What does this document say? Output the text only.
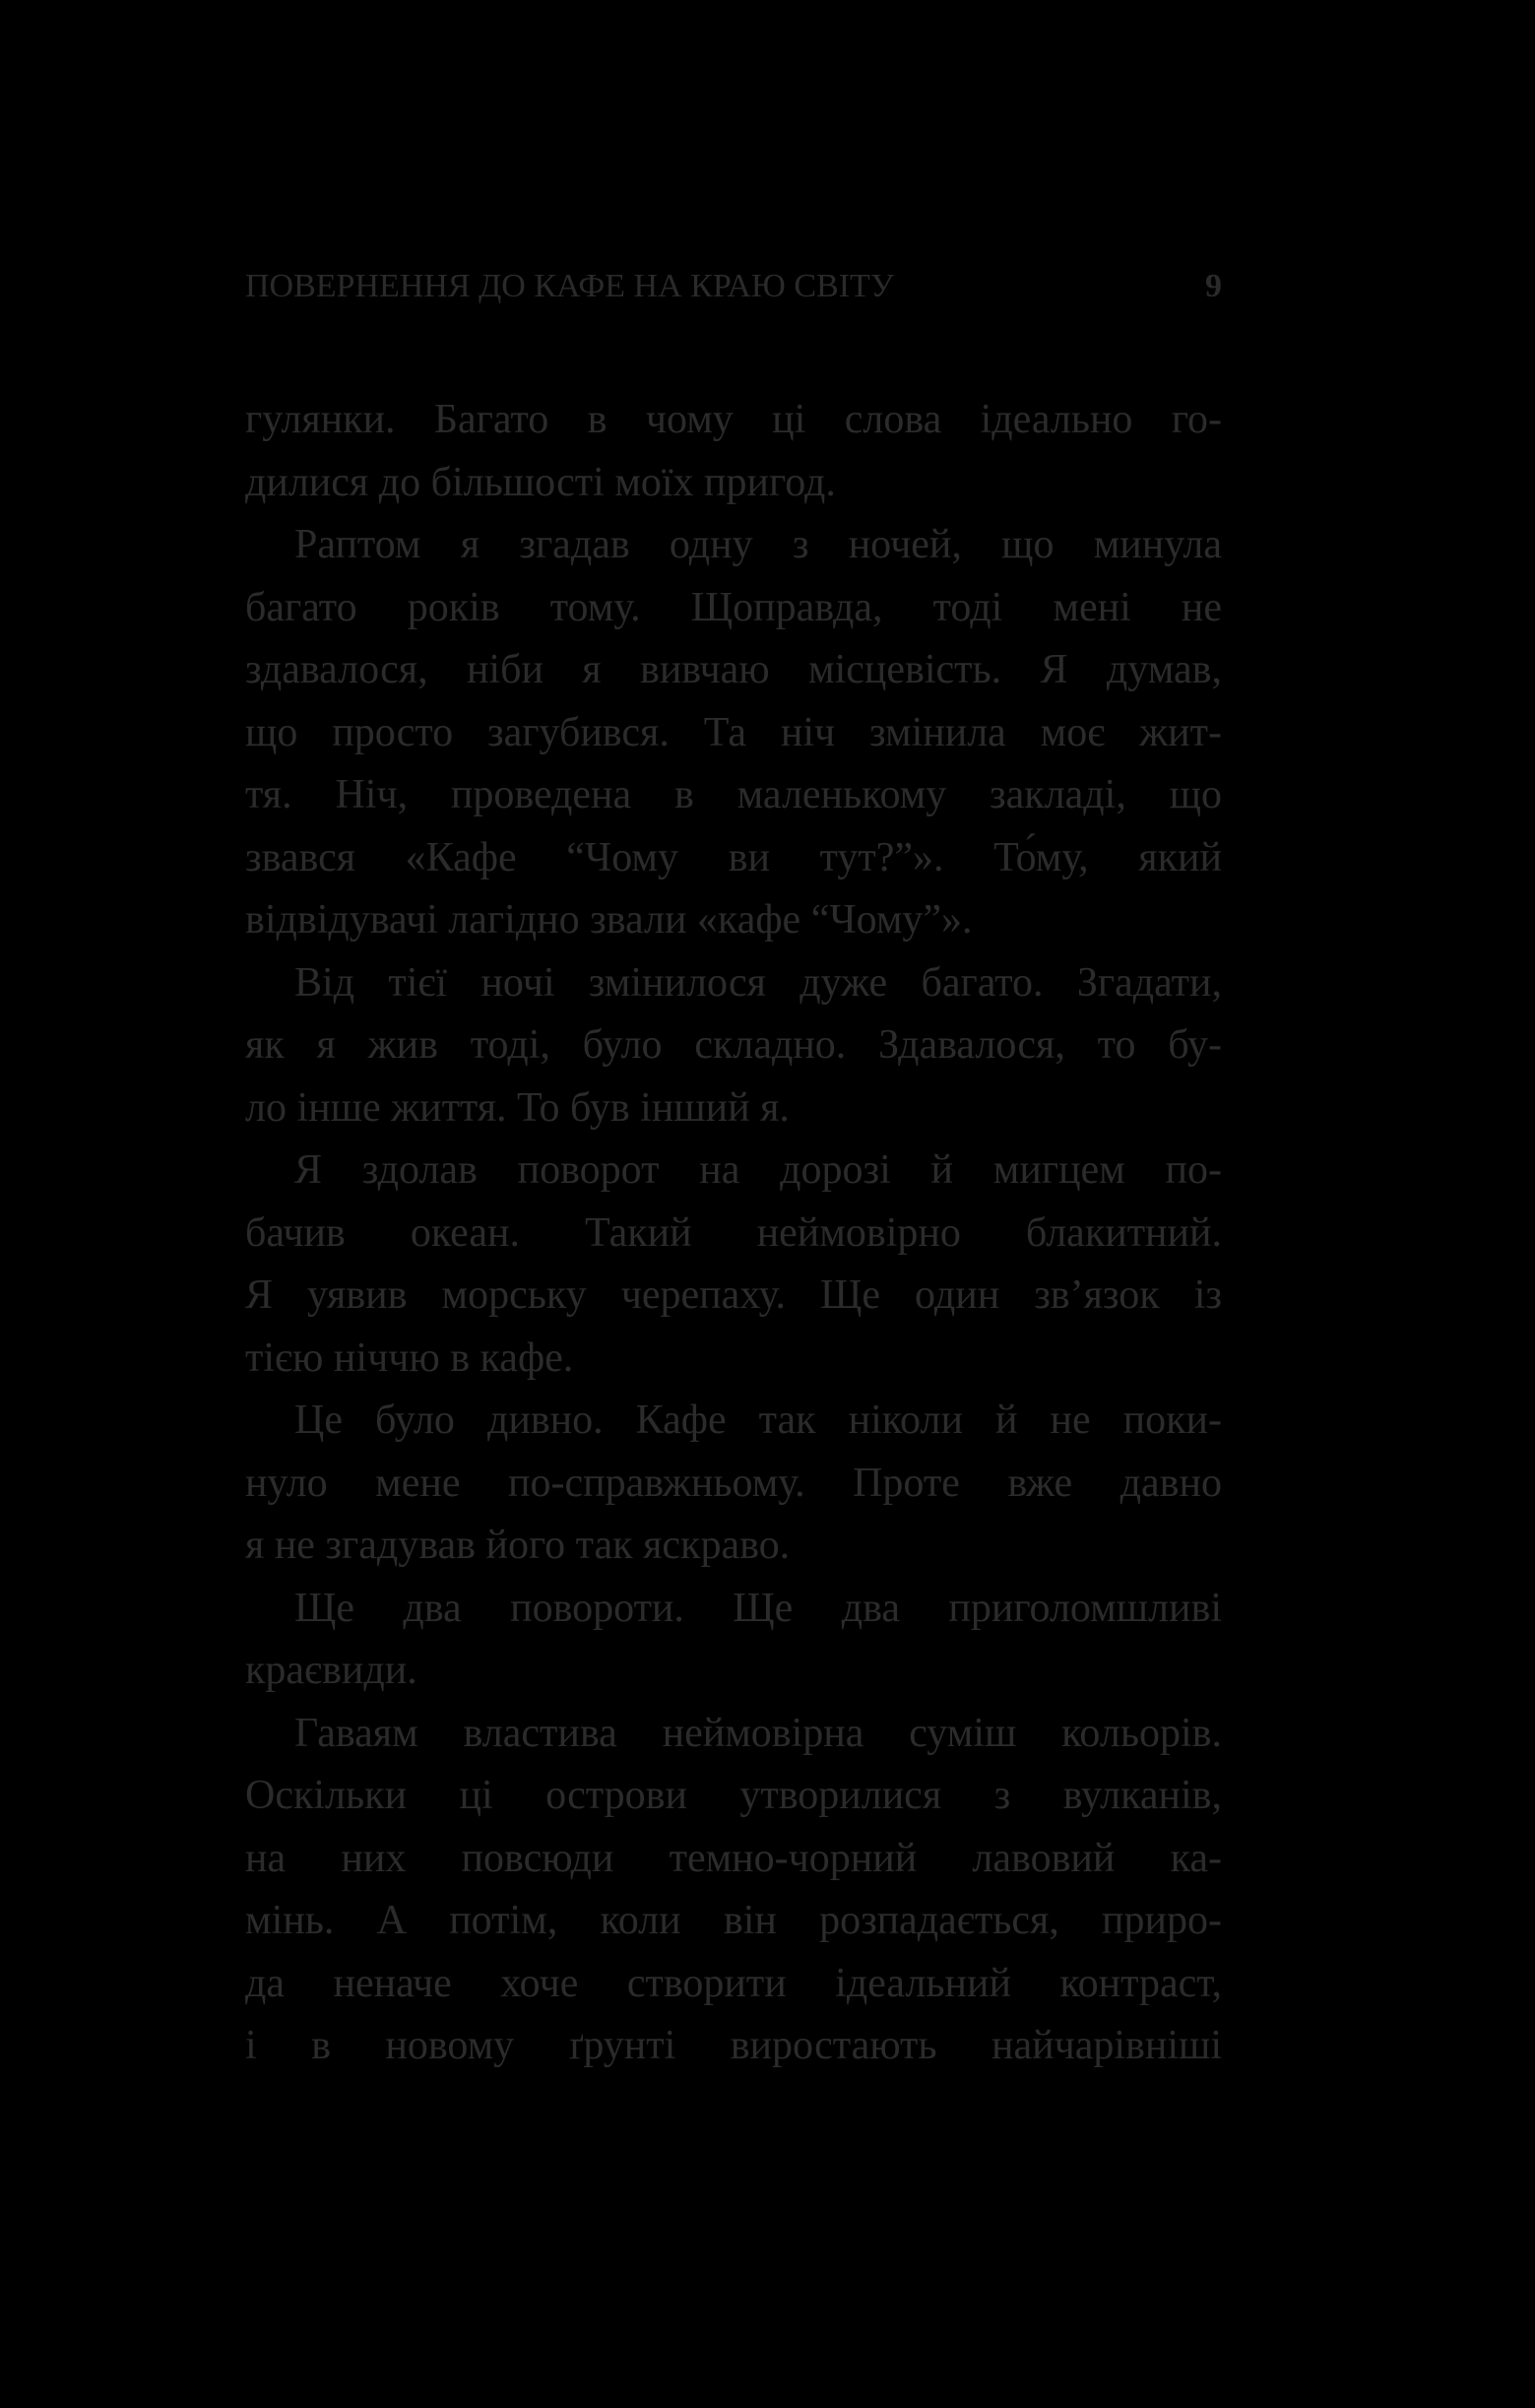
ПОВЕРНЕННЯ ДО КАФЕ НА КРАЮ СВІТУ	9
гулянки. Багато в чому ці слова ідеально го-
дилися до більшості моїх пригод.
Раптом я згадав одну з ночей, що минула
багато років тому. Щоправда, тоді мені не
здавалося, ніби я вивчаю місцевість. Я думав,
що просто загубився. Та ніч змінила моє жит-
тя. Ніч, проведена в маленькому закладі, що
звався «Кафе “Чому ви тут?”». То́му, який
відвідувачі лагідно звали «кафе “Чому”».
Від тієї ночі змінилося дуже багато. Згадати,
як я жив тоді, було складно. Здавалося, то бу-
ло інше життя. То був інший я.
Я здолав поворот на дорозі й мигцем по-
бачив океан. Такий неймовірно блакитний.
Я уявив морську черепаху. Ще один зв’язок із
тією ніччю в кафе.
Це було дивно. Кафе так ніколи й не поки-
нуло мене по-справжньому. Проте вже давно
я не згадував його так яскраво.
Ще два повороти. Ще два приголомшливі
краєвиди.
Гаваям властива неймовірна суміш кольорів.
Оскільки ці острови утворилися з вулканів,
на них повсюди темно-чорний лавовий ка-
мінь. А потім, коли він розпадається, приро-
да неначе хоче створити ідеальний контраст,
і в новому ґрунті виростають найчарівніші
